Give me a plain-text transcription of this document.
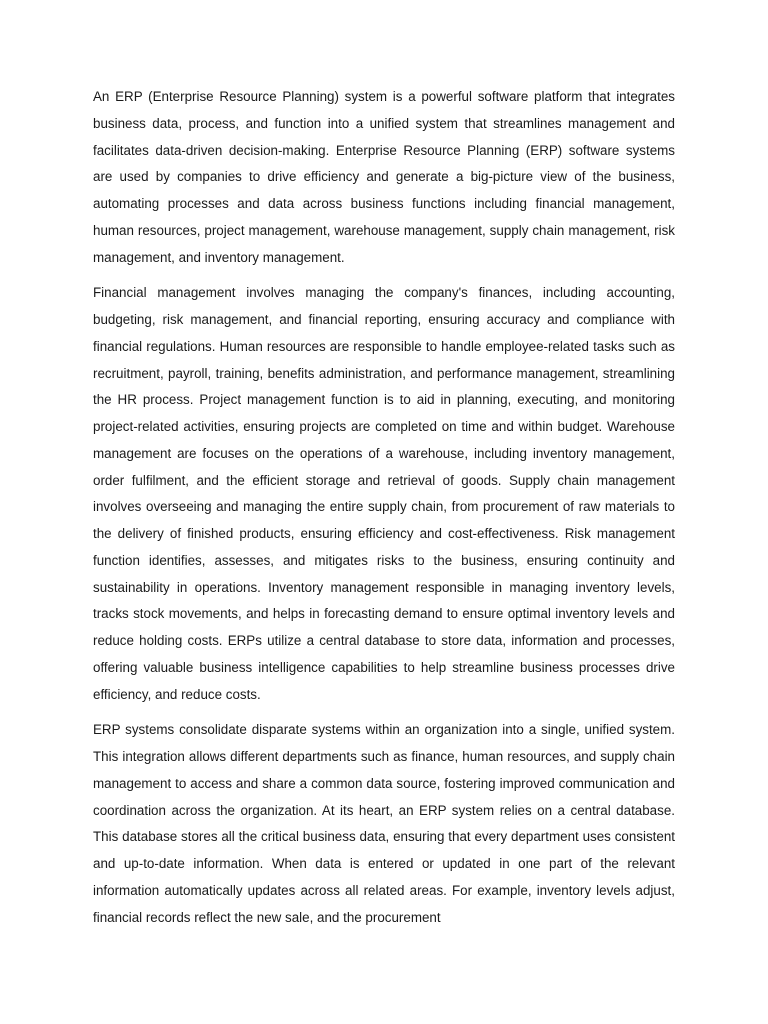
An ERP (Enterprise Resource Planning) system is a powerful software platform that integrates business data, process, and function into a unified system that streamlines management and facilitates data-driven decision-making. Enterprise Resource Planning (ERP) software systems are used by companies to drive efficiency and generate a big-picture view of the business, automating processes and data across business functions including financial management, human resources, project management, warehouse management, supply chain management, risk management, and inventory management.

Financial management involves managing the company's finances, including accounting, budgeting, risk management, and financial reporting, ensuring accuracy and compliance with financial regulations. Human resources are responsible to handle employee-related tasks such as recruitment, payroll, training, benefits administration, and performance management, streamlining the HR process. Project management function is to aid in planning, executing, and monitoring project-related activities, ensuring projects are completed on time and within budget. Warehouse management are focuses on the operations of a warehouse, including inventory management, order fulfilment, and the efficient storage and retrieval of goods. Supply chain management involves overseeing and managing the entire supply chain, from procurement of raw materials to the delivery of finished products, ensuring efficiency and cost-effectiveness. Risk management function identifies, assesses, and mitigates risks to the business, ensuring continuity and sustainability in operations. Inventory management responsible in managing inventory levels, tracks stock movements, and helps in forecasting demand to ensure optimal inventory levels and reduce holding costs. ERPs utilize a central database to store data, information and processes, offering valuable business intelligence capabilities to help streamline business processes drive efficiency, and reduce costs.

ERP systems consolidate disparate systems within an organization into a single, unified system. This integration allows different departments such as finance, human resources, and supply chain management to access and share a common data source, fostering improved communication and coordination across the organization. At its heart, an ERP system relies on a central database. This database stores all the critical business data, ensuring that every department uses consistent and up-to-date information. When data is entered or updated in one part of the relevant information automatically updates across all related areas. For example, inventory levels adjust, financial records reflect the new sale, and the procurement
